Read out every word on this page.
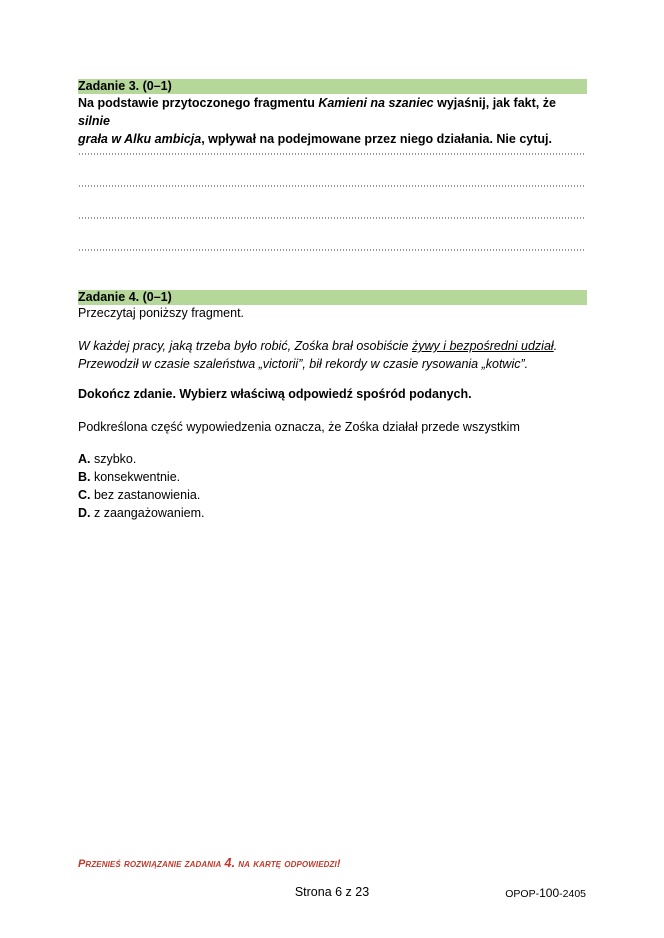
Zadanie 3. (0–1)
Na podstawie przytoczonego fragmentu Kamieni na szaniec wyjaśnij, jak fakt, że silnie
grała w Alku ambicja, wpływał na podejmowane przez niego działania. Nie cytuj.
Zadanie 4. (0–1)
Przeczytaj poniższy fragment.
W każdej pracy, jaką trzeba było robić, Zośka brał osobiście żywy i bezpośredni udział.
Przewodził w czasie szaleństwa „victorii”, bił rekordy w czasie rysowania „kotwic”.
Dokończ zdanie. Wybierz właściwą odpowiedź spośród podanych.
Podkreślona część wypowiedzenia oznacza, że Zośka działał przede wszystkim
A. szybko.
B. konsekwentnie.
C. bez zastanowienia.
D. z zaangażowaniem.
Przenieś rozwiązanie zadania 4. na kartę odpowiedzi!
Strona 6 z 23	OPOP-100-2405
